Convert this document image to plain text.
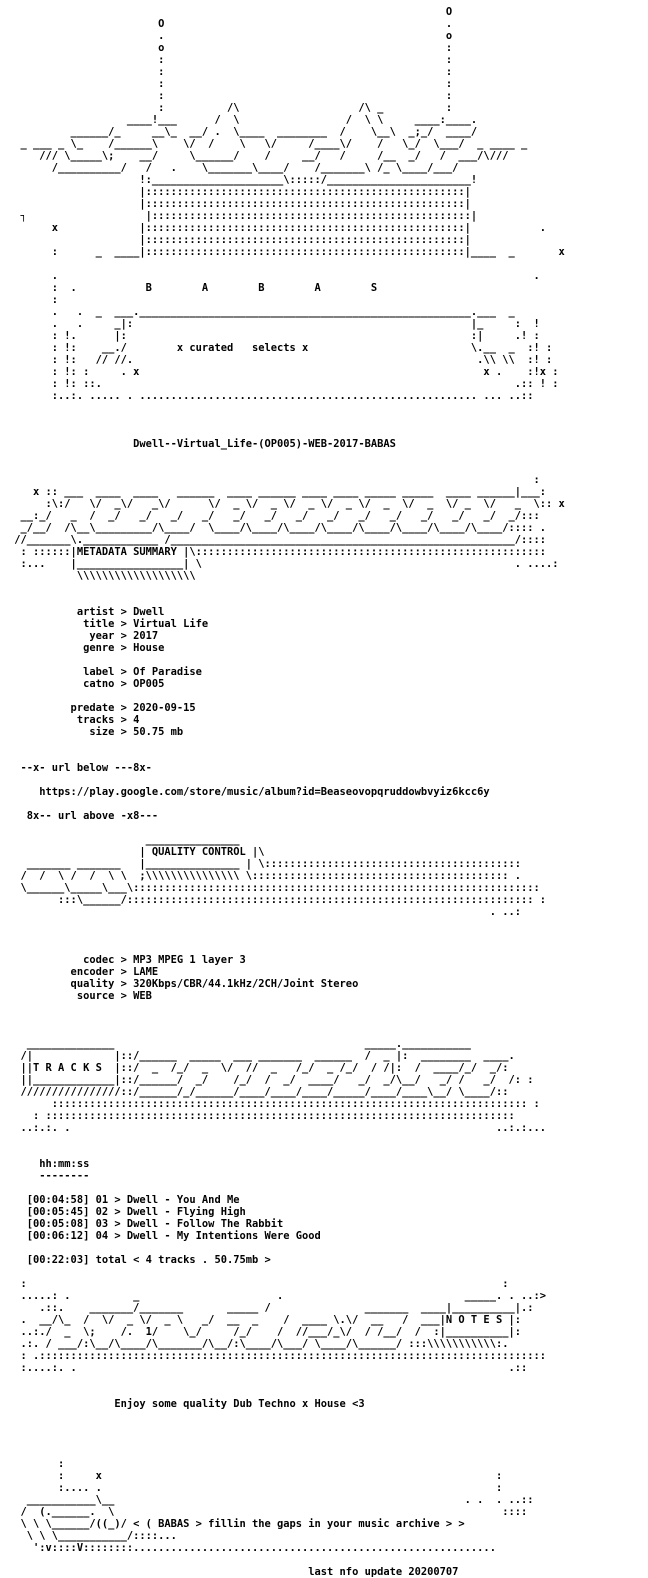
O
O                                             .
.                                             o
o                                             :
:                                             :
:                                             :
:                                             :
:                                             :
:          /\                   /\ _          :
____!___      /  \                 /  \ \     ____:____.
______/_     __\_  __/ .  \____  ________  /    \__\  _;_/  ____/
_ ___ _ \_    /______\    \/  /    \   \/     /____\/    /   \_/  \___/  _ ____ _
/// \_____\;    __/     \______/    /     __/   /     /__  _/   /  ___/\///
/__________/   /   .    \_______\____/    /_______\ /_ \____/___/
!:_____________________\:::::/_______________________!
|:::::::::::::::::::::::::::::::::::::::::::::::::::|
|:::::::::::::::::::::::::::::::::::::::::::::::::::|
┐                   |:::::::::::::::::::::::::::::::::::::::::::::::::::|
x             |:::::::::::::::::::::::::::::::::::::::::::::::::::|           .
|:::::::::::::::::::::::::::::::::::::::::::::::::::|
:      _  ____|:::::::::::::::::::::::::::::::::::::::::::::::::::|____  _       x

.                                                                            .
:  .           B        A        B        A        S
:
.   .  _  ___._____________________________________________________.___  _
.   .     _|:                                                      |_     :  !
: !.      |:                                                       :|     .! :
: !:    __./        x curated   selects x                          \.__  _  :! :
: !:   // //.                                                       .\\ \\  :! :
: !: :     . x                                                       x .    :!x :
: !: ::.                                                                  .:: ! :
:..:. ..... . ...................................................... ... ..::

Dwell--Virtual_Life-(OP005)-WEB-2017-BABAS

:
x :: ___  ____  ____   ______  ____ ______ ____ ____ _____ _____  ____ ______|___:
:\:/   \/  _\/   _\/      \/  _ \/  _ \/  _ \/  _ \/  _  \/  _  \/ _  \/   _  \:: x
__:_/   _  /  _/   _/   _/   _/   _/   _/   _/   _/   _/   _/   _/   _/   _/  _/:::
_/__/  /\__\_________/\____/  \____/\____/\____/\____/\____/\____/\____/\____/:::: .
//_______\.____________ /_______________________________________________________/::::
: ::::::|METADATA SUMMARY |\::::::::::::::::::::::::::::::::::::::::::::::::::::::::
:...    |_________________| \                                                  . ....:
\\\\\\\\\\\\\\\\\\\

artist > Dwell
title > Virtual Life
year > 2017
genre > House

label > Of Paradise
catno > OP005

predate > 2020-09-15
tracks > 4
size > 50.75 mb

--x- url below ---8x-

https://play.google.com/store/music/album?id=Beaseovopqruddowbvyiz6kcc6y

8x-- url above -x8---

_______________
| QUALITY CONTROL |\
_______ _______   |_______________ | \:::::::::::::::::::::::::::::::::::::::::
/  /  \ /  /  \ \  ;\\\\\\\\\\\\\\\ \::::::::::::::::::::::::::::::::::::::::: .
\______\_____\___\:::::::::::::::::::::::::::::::::::::::::::::::::::::::::::::::::
:::\______/::::::::::::::::::::::::::::::::::::::::::::::::::::::::::::::::: :
. ..:

codec > MP3 MPEG 1 layer 3
encoder > LAME
quality > 320Kbps/CBR/44.1kHz/2CH/Joint Stereo
source > WEB

______________                                        _____.___________
/|             |::/______  _____  ___ _______  ______  /  _ |:  ________  ____.
||T R A C K S  |::/  _  /_/  _  \/  //  _   /_/  _ /_/  / /|:  /  ____/_/  _/:
||_____________|::/______/  _/    /_/  /  _/  ____/   _/  _/\__/   _/ /   _/  /: :
////////////////::/______/_/______/____/____/____/_____/____/____\__/ \____/::
:::::::::::::::::::::::::::::::::::::::::::::::::::::::::::::::::::::::::::: :
: :::::::::::::::::::::::::::::::::::::::::::::::::::::::::::::::::::::::::::
..:.:. .                                                                    ..:.:...

hh:mm:ss
--------

[00:04:58] 01 > Dwell - You And Me
[00:05:45] 02 > Dwell - Flying High
[00:05:08] 03 > Dwell - Follow The Rabbit
[00:06:12] 04 > Dwell - My Intentions Were Good

[00:22:03] total < 4 tracks . 50.75mb >

:                                                                            :
.....: .          _                      .                             _____. . ..:>
.::.    _______/_______       _____ /               _______  ____|__________|.:
.  __/\_  /  \/  _ \/  _ \   _/  __  _    /  ____ \.\/  __   /  ___|N O T E S |:
..:./  _  \;    /.  1/    \_/     /_/    /  //___/_\/  / /__/  /  :|__________|:
.:. / ___/:\__/\____/\_______/\__/:\____/\___/ \____/\______/ :::\\\\\\\\\\\:.
: .:::::::::::::::::::::::::::::::::::::::::::::::::::::::::::::::::::::::::::::::::
:....:. .                                                                     .::

Enjoy some quality Dub Techno x House <3

:
:     x                                                               :
:.... .                                                               :
___________\__                                                        . .  . ..::
/  (.______.  \                                                              ::::
\ \ \______/((_)/ < ( BABAS > fillin the gaps in your music archive > >
\ \ \___________/::::...
':v::::V::::::::..........................................................

last nfo update 20200707
